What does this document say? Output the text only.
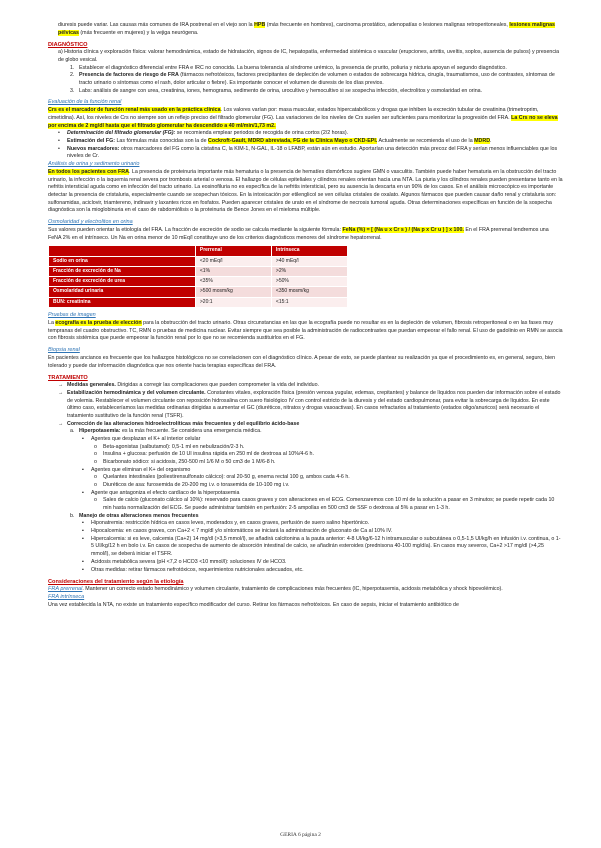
diuresis puede variar. Las causas más comunes de IRA postrenal en el viejo son la HPB (más frecuente en hombres), carcinoma prostático, adenopatías o lesiones malignas retroperitoneales, lesiones malignas pélvicas (más frecuente en mujeres) y la vejiga neurógena.

DIAGNÓSTICO

a) Historia clínica y exploración física: valorar hemodinámica, estado de hidratación, signos de IC, hepatopatía, enfermedad sistémica o vascular (erupciones, artritis, uveítis, soplos, ausencia de pulsos) y presencia de globo vesical.

1. Establecer el diagnóstico diferencial entre FRA e IRC no conocida. La buena tolerancia al síndrome urémico, la presencia de prurito, poliuria y nicturia apoyan el segundo diagnóstico.
2. Presencia de factores de riesgo de FRA (fármacos nefrotóxicos, factores precipitantes de depleción de volumen o estados de sobrecarga hídrica, cirugía, traumatismos, uso de contrastes, síntomas de tracto urinario o síntomas como el rash, dolor articular o fiebre). Es importante conocer el volumen de diuresis de los días previos.
3. Labs: análisis de sangre con urea, creatinina, iones, hemograma, sedimento de orina, urocultivo y hemocultivo si se sospecha infección, electrolitos y osmolaridad en orina.

Evaluación de la función renal

Crs es el marcador de función renal más usado en la práctica clínica. Los valores varían por: masa muscular, estados hipercatabólicos y drogas que inhiben la excreción tubular de creatinina (trimetroprim, cimetidina). Así, los niveles de Crs no siempre son un reflejo preciso del filtrado glomerular (FG). Las variaciones de los niveles de Crs suelen ser suficientes para monitorizar la progresión del FRA. La Crs no se eleva por encima de 2 mg/dl hasta que el filtrado glomerular ha descendido a 40 ml/min/1,73 m2.

•	Determinación del filtrado glomerular (FG): se recomienda emplear periodos de recogida de orina cortos (2/2 horas).
•	Estimación del FG: Las fórmulas más conocidas son la de Cockroft-Gault, MDRD abreviada, FG de la Clínica Mayo o CKD-EPI. Actualmente se recomienda el uso de la MDRD.
•	Nuevos marcadores: otros marcadores del FG como la cistatina C, la KIM-1, N-GAL, IL-18 o LFABP, están aún en estudio. Aportarían una detección más precoz del FRA y serían menos influenciables que los niveles de Cr.

Análisis de orina y sedimento urinario

En todos los pacientes con FRA. La presencia de proteinuria importante más hematuria o la presencia de hematíes dismórficos sugiere GMN o vasculitis. También puede haber hematuria en la obstrucción del tracto urinario, la infección o la isquemia renal severa por trombosis arterial o venosa. El hallazgo de células epiteliales y cilindros renales orientan hacia una NTA. La piuria y los cilindros renales pueden presentarse tanto en la nefritis intersticial aguda como en infección del tracto urinario. La eosinofiluria no es específica de la nefritis intersticial, pero su ausencia la descarta en un 90% de los casos. En el análisis microscópico es importante detectar la presencia de cristaluria, especialmente cuando se sospechan tóxicos. En la intoxicación por etilenglicol se ven células cristales de oxalato. Algunos fármacos que pueden causar daño renal y cristaluria son: sulfonamidas, aciclovir, triamtereno, indinavir y laxantes ricos en fosfatos. Pueden aparecer cristales de urato en el síndrome de necrosis tumoral aguda. Otras determinaciones específicas en función de la sospecha diagnóstica son la mioglobinuria en el caso de rabdomiólisis o la proteinuria de Bence Jones en el mieloma múltiple.

Osmolaridad y electrolitos en orina

Sus valores pueden orientar la etiología del FRA. La fracción de excreción de sodio se calcula mediante la siguiente fórmula: FeNa (%) = [ (Na u x Cr s ) / (Na p x Cr u ) ] x 100. En el FRA prerrenal tendremos una FeNA 2% en el intrínseco. Un Na en orina menor de 10 mEq/l constituye uno de los criterios diagnósticos menores del síndrome hepatorrenal.

	Prerrenal	Intrínseca
Sodio en orina	<20 mEq/l	>40 mEq/l
Fracción de excreción de Na	<1%	>2%
Fracción de excreción de urea	<35%	>50%
Osmolaridad urinaria	>500 mosm/kg	<350 mosm/kg
BUN: creatinina	>20:1	<15:1

Pruebas de imagen

La ecografía es la prueba de elección para la obstrucción del tracto urinario. Otras circunstancias en las que la ecografía puede no resultar es en la depleción de volumen, fibrosis retroperitoneal o en las fases muy tempranas del cuadro obstructivo. TC, RMN o pruebas de medicina nuclear. Evitar siempre que sea posible la administración de radiocontrastes que puedan empeorar el fallo renal. El uso de gadolinio en RMN se asocia con fibrosis sistémica que puede empeorar la función renal por lo que no se recomienda sustituirlos en el FG.

Biopsia renal

En pacientes ancianos es frecuente que los hallazgos histológicos no se correlacionen con el diagnóstico clínico. A pesar de esto, se puede plantear su realización ya que el procedimiento es, en general, seguro, bien tolerado y puede dar información diagnóstica que nos oriente hacia terapias específicas del FRA.

TRATAMIENTO

→ Medidas generales. Dirigidas a corregir las complicaciones que pueden comprometer la vida del individuo.
→ Estabilización hemodinámica y del volumen circulante. Constantes vitales, exploración física (presión venosa yugular, edemas, crepitantes) y balance de líquidos nos pueden dar información sobre el estado de volemia. Restablecer el volumen circulante con reposición hidrosalina con suero fisiológico IV con control estricto de la diuresis y del estado cardiopulmonar, para evitar la sobrecarga de líquidos. En este último caso, estableceríamos las medidas ordinarias dirigidas a aumentar el GC (diuréticos, nitratos y drogas vasoactivas). En casos refractarios al tratamiento (estados oligo/anuricos) será necesario el tratamiento sustitutivo de la función renal (TSFR).
→ Corrección de las alteraciones hidroelectrolíticas más frecuentes y del equilibrio ácido-base
a. Hiperpotasemia: es la más frecuente. Se considera una emergencia médica.
▪	Agentes que desplazan el K+ al interior celular
o	Beta-agonistas (salbutamol): 0,5-1 ml en nebulización/2-3 h.
o	Insulina + glucosa: perfusión de 10 UI insulina rápida en 250 ml de dextrosa al 10%/4-6 h.
o	Bicarbonato sódico: si acidosis, 250-500 ml 1/6 M o 50 cm3 de 1 M/6-8 h.
▪	Agentes que eliminan el K+ del organismo
o	Quelantes intestinales (poliestirensulfonato cálcico): oral 20-50 g, enema rectal 100 g, ambos cada 4-6 h.
o	Diuréticos de asa: furosemida de 20-200 mg i.v. o torasemida de 10-100 mg i.v.
▪	Agente que antagoniza el efecto cardíaco de la hiperpotasemia
o	Sales de calcio (gluconato cálcico al 10%): reservado para casos graves y con alteraciones en el ECG. Comenzaremos con 10 ml de la solución a pasar en 3 minutos; se puede repetir cada 10 min hasta normalización del ECG. Se puede administrar también en perfusión: 2-5 ampollas en 500 cm3 de SSF o dextrosa al 5% a pasar en 1-3 h.
b. Manejo de otras alteraciones menos frecuentes
▪	Hiponatremia: restricción hídrica en casos leves, moderados y, en casos graves, perfusión de suero salino hipertónico.
▪	Hipocalcemia: en casos graves, con Ca+2 < 7 mg/dl y/o síntomáticos se iniciará la administración de gluconato de Ca al 10% IV.
▪	Hipercalcemia: si es leve, calcemia (Ca+2) 14 mg/dl (>3,5 mmol/l), se añadirá calcitonina a la pauta anterior: 4-8 UI/kg/6-12 h intramuscular o subcutánea o 0,5-1,5 UI/kg/h en infusión i.v. continua, o 1-5 UI/kg/12 h en bolo i.v. En casos de sospecha de aumento de absorción intestinal de calcio, se añadirán esteroides (prednisona 40-100 mg/día). En casos muy severos, Ca+2 >17 mg/dl (>4,25 mmol/l), se deberá iniciar el TSFR.
▪	Acidosis metabólica severa (pH <7,2 o HCO3 <10 mmol/l): soluciones IV de HCO3.
▪	Otras medidas: retirar fármacos nefrotóxicos, requerimientos nutricionales adecuados, etc.

Consideraciones del tratamiento según la etiología

FRA prerrenal. Mantener un correcto estado hemodinámico y volumen circulante, tratamiento de complicaciones más frecuentes (IC, hiperpotasemia, acidosis metabólica y shock hipovolémico).

FRA intrínseca

Una vez establecida la NTA, no existe un tratamiento específico modificador del curso. Retirar los fármacos nefrotóxicos. En caso de sepsis, iniciar el tratamiento antibiótico de

GERIA 6 página 2
